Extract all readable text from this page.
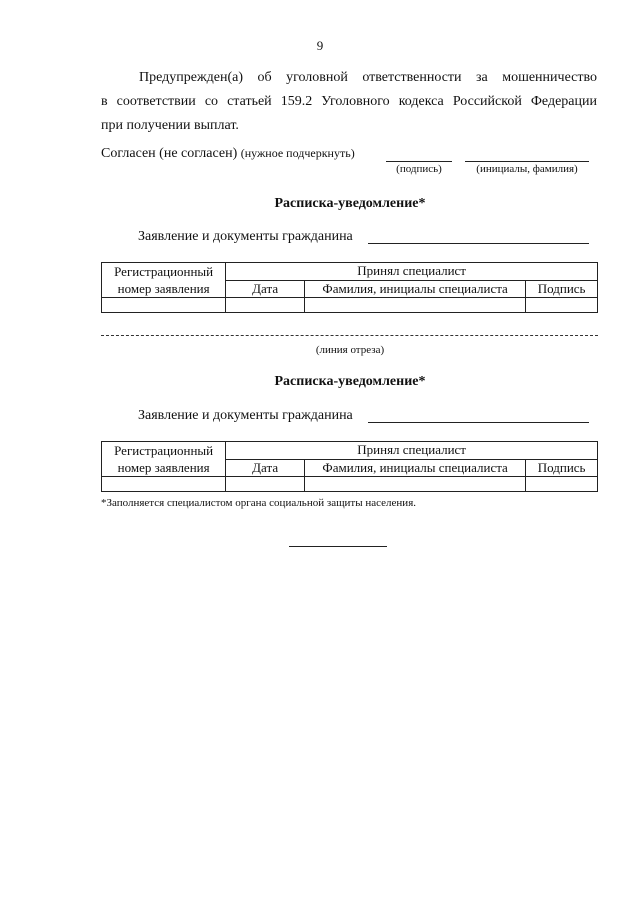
9
Предупрежден(а) об уголовной ответственности за мошенничество
в соответствии со статьей 159.2 Уголовного кодекса Российской Федерации
при получении выплат.
Согласен (не согласен) (нужное подчеркнуть)
(подпись)	(инициалы, фамилия)
Расписка-уведомление*
Заявление и документы гражданина
Регистрационный
номер заявления	Принял специалист		
	Дата	Фамилия, инициалы специалиста	Подпись

(линия отреза)
Расписка-уведомление*
Заявление и документы гражданина
Регистрационный
номер заявления	Принял специалист		
	Дата	Фамилия, инициалы специалиста	Подпись

*Заполняется специалистом органа социальной защиты населения.
